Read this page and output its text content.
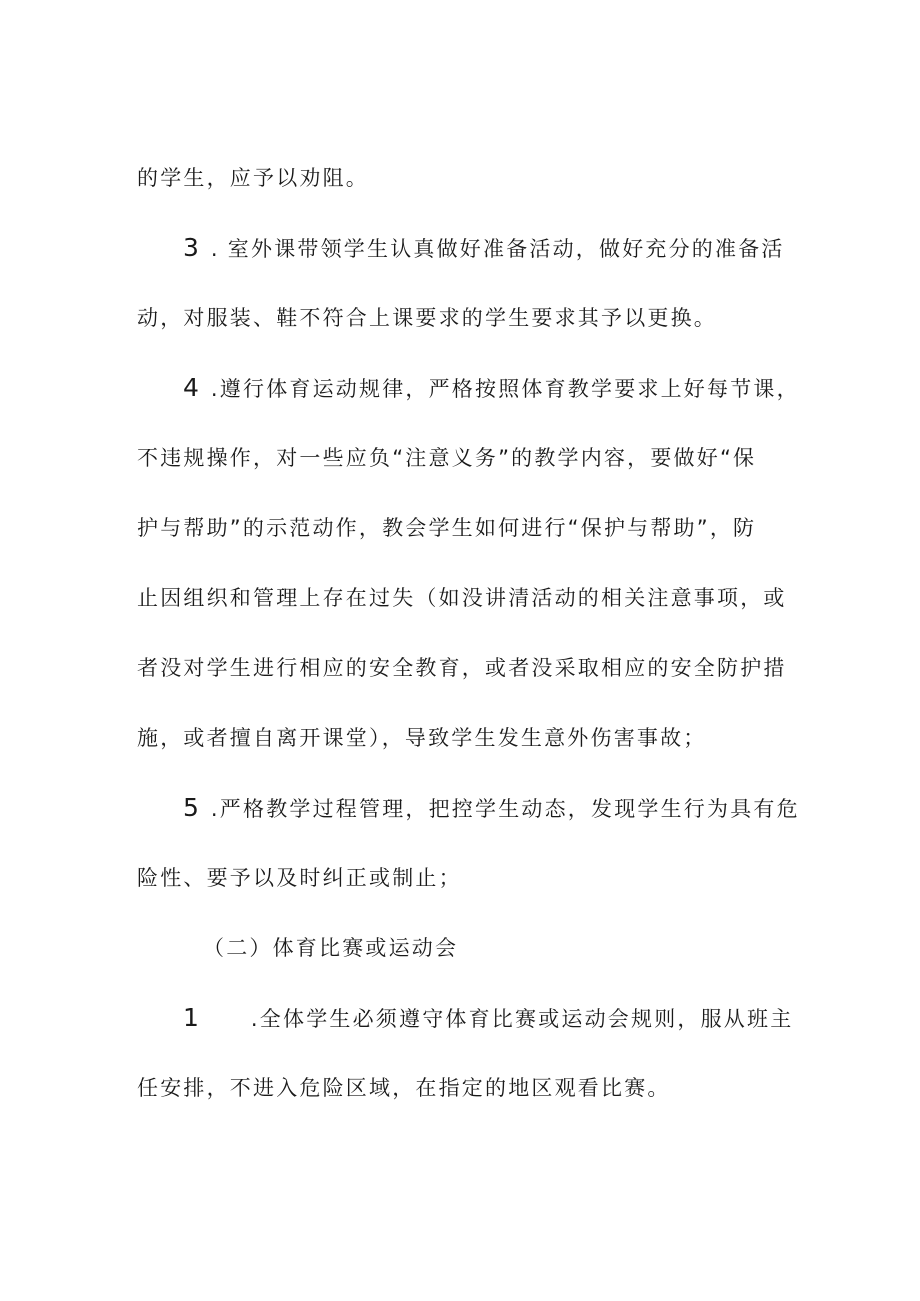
的学生，应予以劝阻。
3 . 室外课带领学生认真做好准备活动，做好充分的准备活
动，对服装、鞋不符合上课要求的学生要求其予以更换。
4 .遵行体育运动规律，严格按照体育教学要求上好每节课，
不违规操作，对一些应负“注意义务”的教学内容，要做好“保
护与帮助”的示范动作，教会学生如何进行“保护与帮助”，防
止因组织和管理上存在过失（如没讲清活动的相关注意事项，或
者没对学生进行相应的安全教育，或者没采取相应的安全防护措
施，或者擅自离开课堂），导致学生发生意外伤害事故；
5 .严格教学过程管理，把控学生动态，发现学生行为具有危
险性、要予以及时纠正或制止；
（二）体育比赛或运动会
1 .全体学生必须遵守体育比赛或运动会规则，服从班主
任安排，不进入危险区域，在指定的地区观看比赛。
